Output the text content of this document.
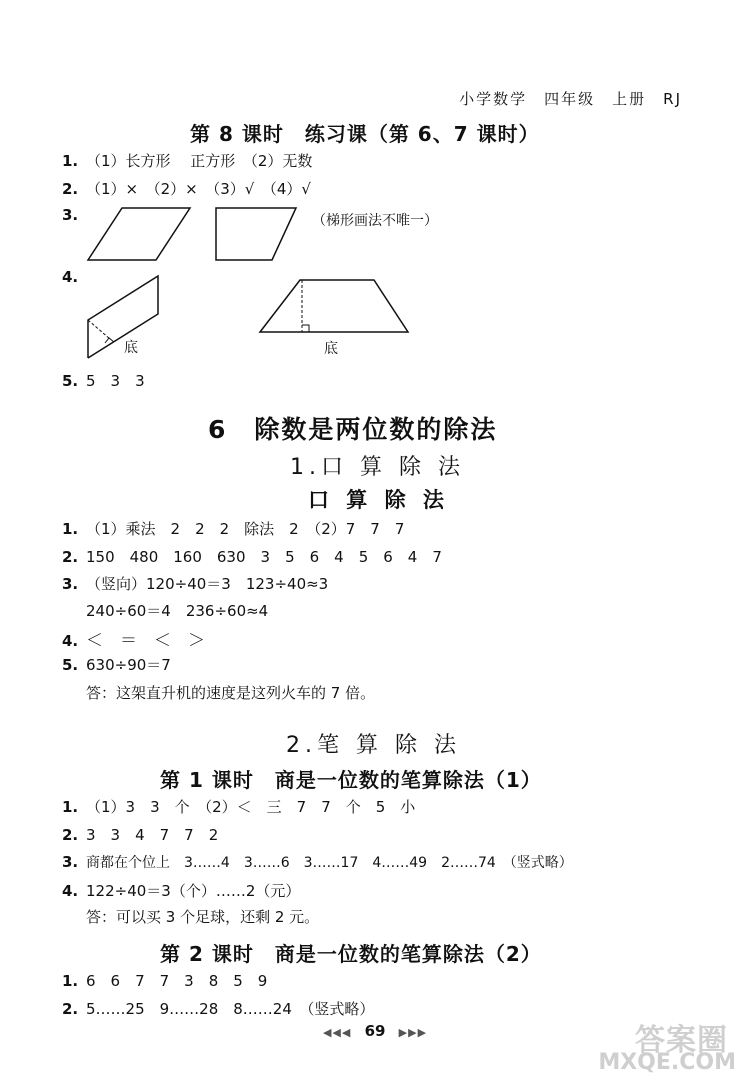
小学数学　四年级　上册　RJ
第 8 课时　练习课（第 6、7 课时）
1. （1）长方形　 正方形　（2）无数
2. （1）×　（2）×　（3）√　（4）√
3.	（梯形画法不唯一）
4.
底	底
5. 5　3　3
6　除数是两位数的除法
1.口 算 除 法
口 算 除 法
1. （1）乘法　2　2　2　除法　2　（2）7　7　7
2. 150　480　160　630　3　5　6　4　5　6　4　7
3. （竖向）120÷40＝3　123÷40≈3
240÷60＝4　236÷60≈4
4. ＜　＝　＜　＞
5. 630÷90＝7
答：这架直升机的速度是这列火车的 7 倍。
2.笔 算 除 法
第 1 课时　商是一位数的笔算除法（1）
1. （1）3　3　个　（2）＜　三　7　7　个　5　小
2. 3　3　4　7　7　2
3. 商都在个位上　3……4　3……6　3……17　4……49　2……74　（竖式略）
4. 122÷40＝3（个）……2（元）
答：可以买 3 个足球，还剩 2 元。
第 2 课时　商是一位数的笔算除法（2）
1. 6　6　7　7　3　8　5　9
2. 5……25　9……28　8……24　（竖式略）
◀◀◀ 69 ▶▶▶	答案圈
MXQE.COM
